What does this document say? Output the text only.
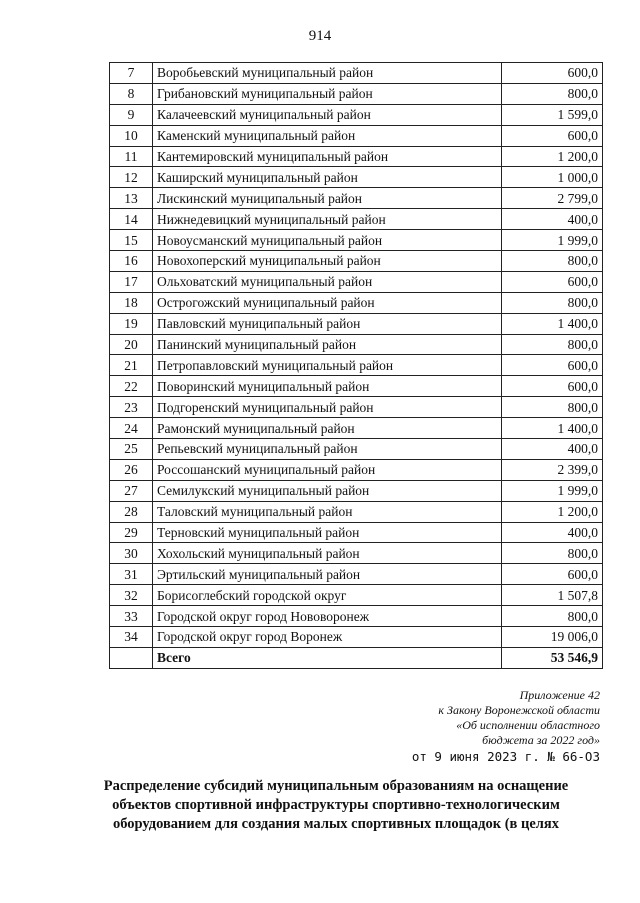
914
7	Воробьевский муниципальный район	600,0
8	Грибановский муниципальный район	800,0
9	Калачеевский муниципальный район	1 599,0
10	Каменский муниципальный район	600,0
11	Кантемировский муниципальный район	1 200,0
12	Каширский муниципальный район	1 000,0
13	Лискинский муниципальный район	2 799,0
14	Нижнедевицкий муниципальный район	400,0
15	Новоусманский муниципальный район	1 999,0
16	Новохоперский муниципальный район	800,0
17	Ольховатский муниципальный район	600,0
18	Острогожский муниципальный район	800,0
19	Павловский муниципальный район	1 400,0
20	Панинский муниципальный район	800,0
21	Петропавловский муниципальный район	600,0
22	Поворинский муниципальный район	600,0
23	Подгоренский муниципальный район	800,0
24	Рамонский муниципальный район	1 400,0
25	Репьевский муниципальный район	400,0
26	Россошанский муниципальный район	2 399,0
27	Семилукский муниципальный район	1 999,0
28	Таловский муниципальный район	1 200,0
29	Терновский муниципальный район	400,0
30	Хохольский муниципальный район	800,0
31	Эртильский муниципальный район	600,0
32	Борисоглебский городской округ	1 507,8
33	Городской округ город Нововоронеж	800,0
34	Городской округ город Воронеж	19 006,0
	Всего	53 546,9
Приложение 42
к Закону Воронежской области
«Об исполнении областного
бюджета за 2022 год»
от 9 июня 2023 г. № 66-ОЗ
Распределение субсидий муниципальным образованиям на оснащение
объектов спортивной инфраструктуры спортивно-технологическим
оборудованием для создания малых спортивных площадок (в целях
